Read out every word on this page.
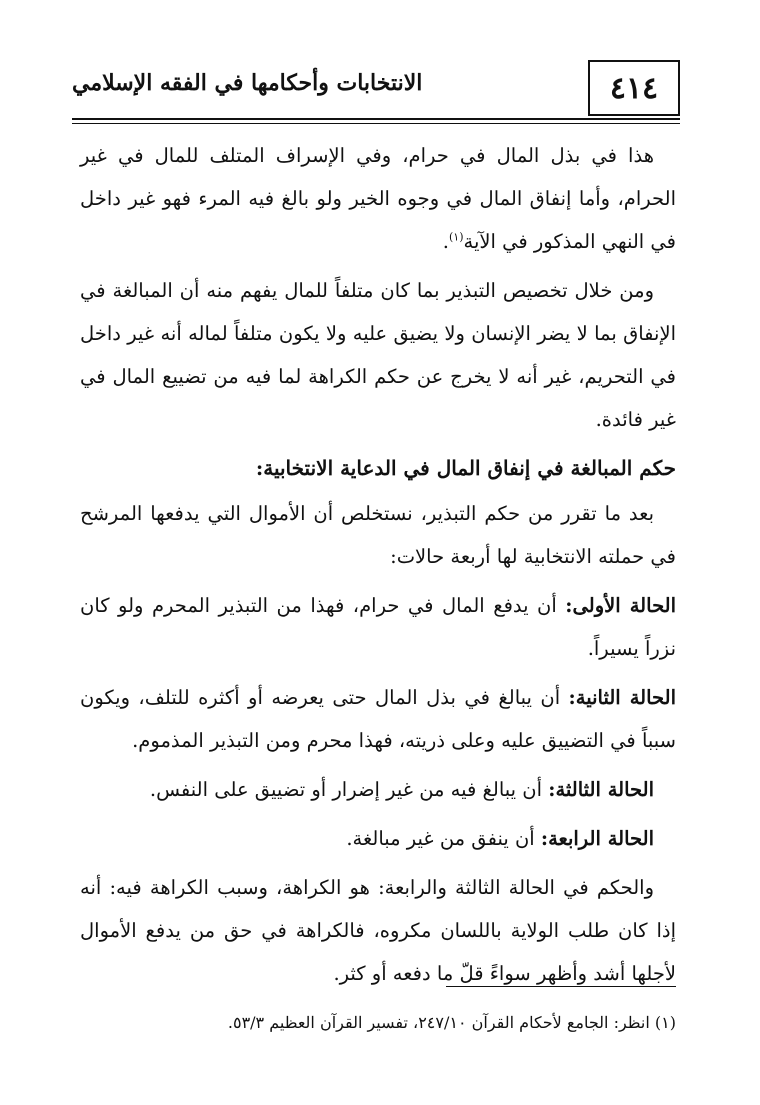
٤١٤
الانتخابات وأحكامها في الفقه الإسلامي

هذا في بذل المال في حرام، وفي الإسراف المتلف للمال في غير الحرام، وأما إنفاق المال في وجوه الخير ولو بالغ فيه المرء فهو غير داخل في النهي المذكور في الآية$^{(١)}$.

ومن خلال تخصيص التبذير بما كان متلفاً للمال يفهم منه أن المبالغة في الإنفاق بما لا يضر الإنسان ولا يضيق عليه ولا يكون متلفاً لماله أنه غير داخل في التحريم، غير أنه لا يخرج عن حكم الكراهة لما فيه من تضييع المال في غير فائدة.

حكم المبالغة في إنفاق المال في الدعاية الانتخابية:

بعد ما تقرر من حكم التبذير، نستخلص أن الأموال التي يدفعها المرشح في حملته الانتخابية لها أربعة حالات:

الحالة الأولى: أن يدفع المال في حرام، فهذا من التبذير المحرم ولو كان نزراً يسيراً.

الحالة الثانية: أن يبالغ في بذل المال حتى يعرضه أو أكثره للتلف، ويكون سبباً في التضييق عليه وعلى ذريته، فهذا محرم ومن التبذير المذموم.

الحالة الثالثة: أن يبالغ فيه من غير إضرار أو تضييق على النفس.

الحالة الرابعة: أن ينفق من غير مبالغة.

والحكم في الحالة الثالثة والرابعة: هو الكراهة، وسبب الكراهة فيه: أنه إذا كان طلب الولاية باللسان مكروه، فالكراهة في حق من يدفع الأموال لأجلها أشد وأظهر سواءً قلّ ما دفعه أو كثر.

(١) انظر: الجامع لأحكام القرآن ٢٤٧/١٠، تفسير القرآن العظيم ٥٣/٣.
